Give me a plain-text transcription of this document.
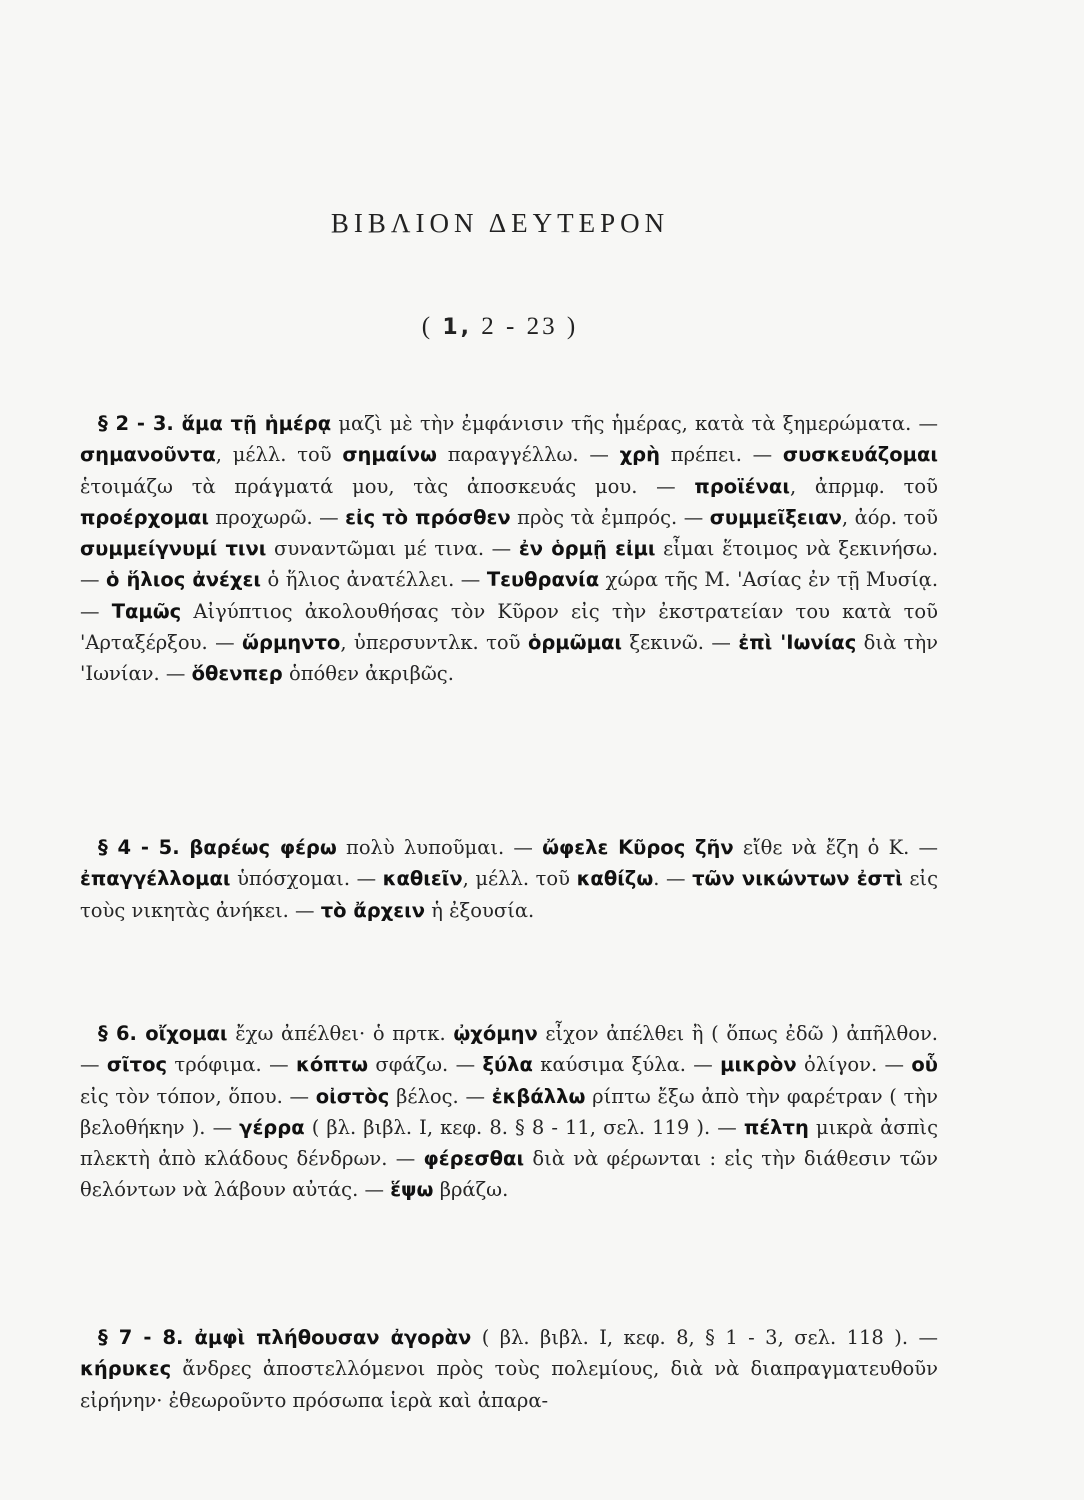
ΒΙΒΛΙΟΝ ΔΕΥΤΕΡΟΝ
( 1, 2 - 23 )
§ 2 - 3. ἅμα τῇ ἡμέρᾳ μαζὶ μὲ τὴν ἐμφάνισιν τῆς ἡμέρας, κατὰ τὰ ξημερώματα. — σημανοῦντα, μέλλ. τοῦ σημαίνω παραγγέλλω. — χρὴ πρέπει. — συσκευάζομαι ἑτοιμάζω τὰ πράγματά μου, τὰς ἀποσκευάς μου. — προϊέναι, ἀπρμφ. τοῦ προέρχομαι προχωρῶ. — εἰς τὸ πρόσθεν πρὸς τὰ ἐμπρός. — συμμεῖξειαν, ἀόρ. τοῦ συμμείγνυμί τινι συναντῶμαι μέ τινα. — ἐν ὁρμῇ εἰμι εἶμαι ἕτοιμος νὰ ξεκινήσω. — ὁ ἥλιος ἀνέχει ὁ ἥλιος ἀνατέλλει. — Τευθρανία χώρα τῆς Μ. 'Ασίας ἐν τῇ Μυσίᾳ. — Ταμῶς Αἰγύπτιος ἀκολουθήσας τὸν Κῦρον εἰς τὴν ἐκστρατείαν του κατὰ τοῦ 'Αρταξέρξου. — ὥρμηντο, ὑπερσυντλκ. τοῦ ὁρμῶμαι ξεκινῶ. — ἐπὶ 'Ιωνίας διὰ τὴν 'Ιωνίαν. — ὅθενπερ ὁπόθεν ἀκριβῶς.
§ 4 - 5. βαρέως φέρω πολὺ λυποῦμαι. — ὤφελε Κῦρος ζῆν εἴθε νὰ ἔζη ὁ Κ. — ἐπαγγέλλομαι ὑπόσχομαι. — καθιεῖν, μέλλ. τοῦ καθίζω. — τῶν νικώντων ἐστὶ εἰς τοὺς νικητὰς ἀνήκει. — τὸ ἄρχειν ἡ ἐξουσία.
§ 6. οἴχομαι ἔχω ἀπέλθει· ὁ πρτκ. ᾠχόμην εἶχον ἀπέλθει ἢ ( ὅπως ἐδῶ ) ἀπῆλθον. — σῖτος τρόφιμα. — κόπτω σφάζω. — ξύλα καύσιμα ξύλα. — μικρὸν ὀλίγον. — οὗ εἰς τὸν τόπον, ὅπου. — οἰστὸς βέλος. — ἐκβάλλω ρίπτω ἔξω ἀπὸ τὴν φαρέτραν ( τὴν βελοθήκην ). — γέρρα ( βλ. βιβλ. Ι, κεφ. 8. § 8 - 11, σελ. 119 ). — πέλτη μικρὰ ἀσπὶς πλεκτὴ ἀπὸ κλάδους δένδρων. — φέρεσθαι διὰ νὰ φέρωνται : εἰς τὴν διάθεσιν τῶν θελόντων νὰ λάβουν αὐτάς. — ἕψω βράζω.
§ 7 - 8. ἀμφὶ πλήθουσαν ἀγορὰν ( βλ. βιβλ. Ι, κεφ. 8, § 1 - 3, σελ. 118 ). — κήρυκες ἄνδρες ἀποστελλόμενοι πρὸς τοὺς πολεμίους, διὰ νὰ διαπραγματευθοῦν εἰρήνην· ἐθεωροῦντο πρόσωπα ἱερὰ καὶ ἀπαρα-
